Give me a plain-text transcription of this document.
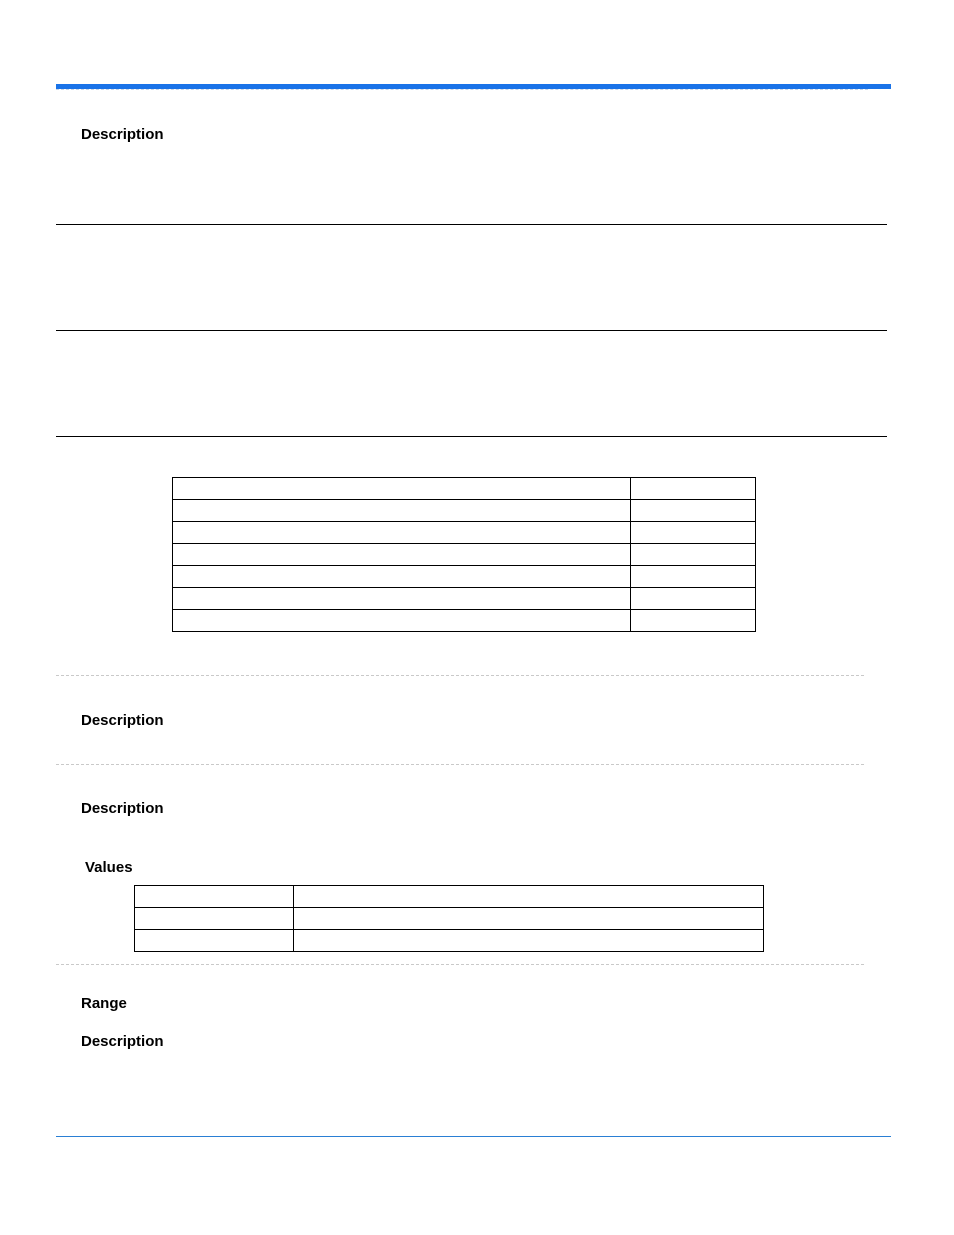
Description

Description
Description
Values

Range
Description
